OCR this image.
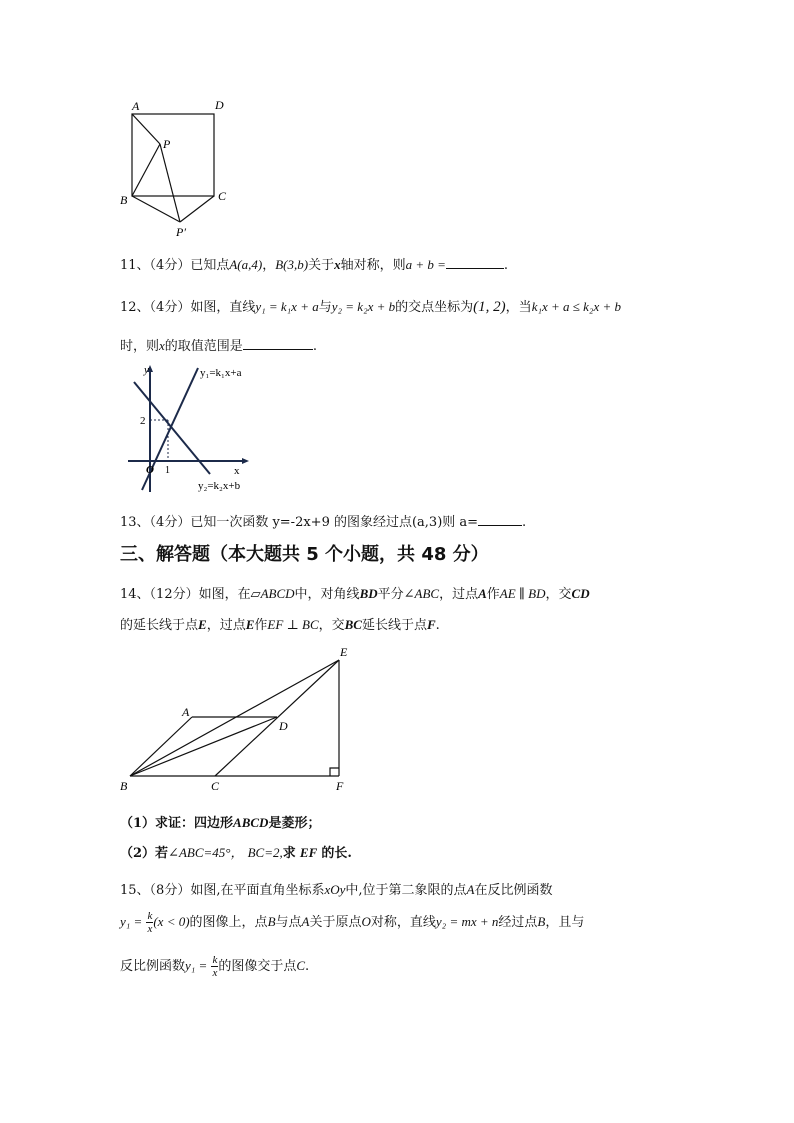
A	D
P
B	C
P′
11、（4分）已知点A(a,4)，B(3,b)关于x轴对称，则a + b =	.
12、（4分）如图，直线y₁ = k₁x + a与y₂ = k₂x + b的交点坐标为(1, 2)，当k₁x + a ≤ k₂x + b
时，则x的取值范围是	.
y
x
O 1
2
y₁=k₁x+a
y₂=k₂x+b
13、（4分）已知一次函数 y=-2x+9 的图象经过点(a,3)则 a=	.
三、解答题（本大题共 5 个小题，共 48 分）
14、（12分）如图，在▱ABCD中，对角线BD平分∠ABC，过点A作AE ∥ BD，交CD
的延长线于点E，过点E作EF ⊥ BC，交BC延长线于点F.
A
D
E
B	C	F
（1）求证：四边形ABCD是菱形；
（2）若∠ABC=45°， BC=2,求 EF 的长.
15、（8分）如图,在平面直角坐标系xOy中,位于第二象限的点A在反比例函数
$y_1 = \frac{k}{x} (x < 0)$的图像上，点B与点A关于原点O对称，直线y₂ = mx + n经过点B，且与
反比例函数$y_1 = \frac{k}{x}$ 的图像交于点C.
